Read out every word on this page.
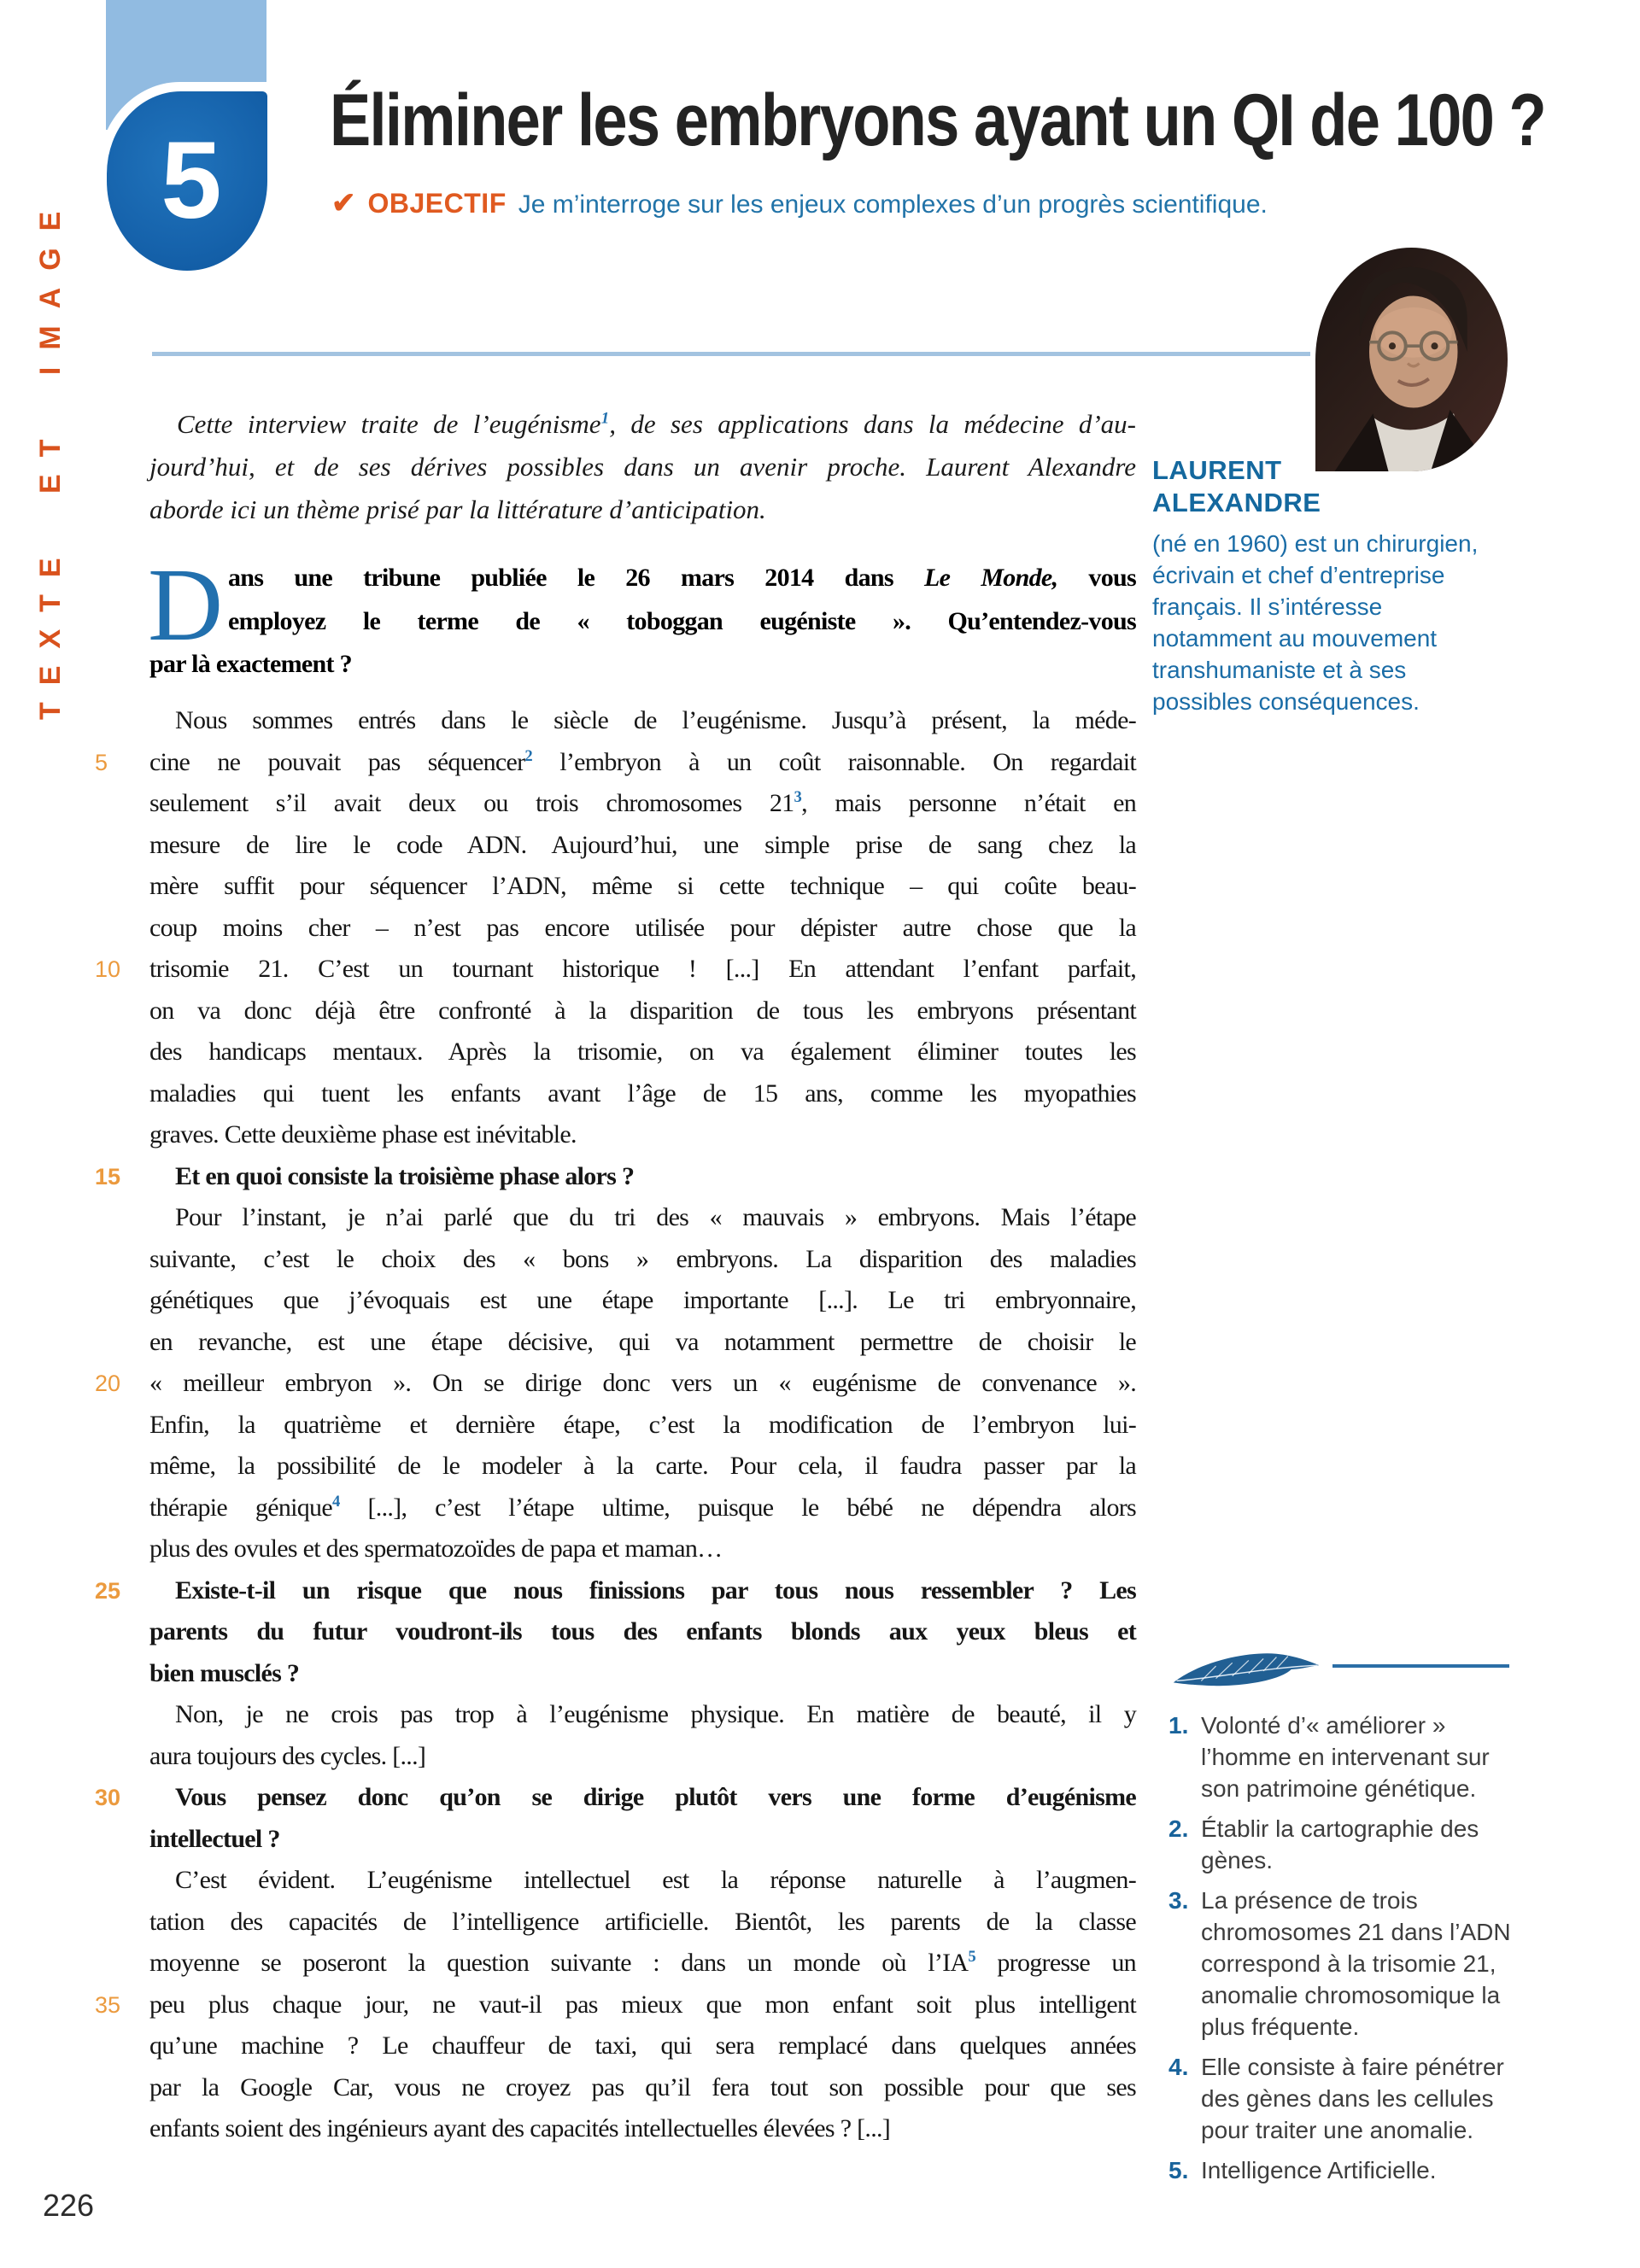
TEXTE ET IMAGE
5 Éliminer les embryons ayant un QI de 100 ?
✔ OBJECTIF Je m’interroge sur les enjeux complexes d’un progrès scientifique.
LAURENT
ALEXANDRE
(né en 1960) est un chirurgien,
écrivain et chef d’entreprise
français. Il s’intéresse
notamment au mouvement
transhumaniste et à ses
possibles conséquences.
Cette interview traite de l’eugénisme$^1$, de ses applications dans la médecine d’au-
jourd’hui, et de ses dérives possibles dans un avenir proche. Laurent Alexandre
aborde ici un thème prisé par la littérature d’anticipation.
D ans une tribune publiée le 26 mars 2014 dans Le Monde, vous
employez le terme de « toboggan eugéniste ». Qu’entendez-vous
par là exactement ?
Nous sommes entrés dans le siècle de l’eugénisme. Jusqu’à présent, la méde-
5	cine ne pouvait pas séquencer$^2$ l’embryon à un coût raisonnable. On regardait
seulement s’il avait deux ou trois chromosomes 21$^3$, mais personne n’était en
mesure de lire le code ADN. Aujourd’hui, une simple prise de sang chez la
mère suffit pour séquencer l’ADN, même si cette technique – qui coûte beau-
coup moins cher – n’est pas encore utilisée pour dépister autre chose que la
10	trisomie 21. C’est un tournant historique ! [...] En attendant l’enfant parfait,
on va donc déjà être confronté à la disparition de tous les embryons présentant
des handicaps mentaux. Après la trisomie, on va également éliminer toutes les
maladies qui tuent les enfants avant l’âge de 15 ans, comme les myopathies
graves. Cette deuxième phase est inévitable.
15	Et en quoi consiste la troisième phase alors ?
Pour l’instant, je n’ai parlé que du tri des « mauvais » embryons. Mais l’étape
suivante, c’est le choix des « bons » embryons. La disparition des maladies
génétiques que j’évoquais est une étape importante [...]. Le tri embryonnaire,
en revanche, est une étape décisive, qui va notamment permettre de choisir le
20	« meilleur embryon ». On se dirige donc vers un « eugénisme de convenance ».
Enfin, la quatrième et dernière étape, c’est la modification de l’embryon lui-
même, la possibilité de le modeler à la carte. Pour cela, il faudra passer par la
thérapie génique$^4$ [...], c’est l’étape ultime, puisque le bébé ne dépendra alors
plus des ovules et des spermatozoïdes de papa et maman…
25	Existe-t-il un risque que nous finissions par tous nous ressembler ? Les
parents du futur voudront-ils tous des enfants blonds aux yeux bleus et
bien musclés ?
Non, je ne crois pas trop à l’eugénisme physique. En matière de beauté, il y
aura toujours des cycles. [...]
30	Vous pensez donc qu’on se dirige plutôt vers une forme d’eugénisme
intellectuel ?
C’est évident. L’eugénisme intellectuel est la réponse naturelle à l’augmen-
tation des capacités de l’intelligence artificielle. Bientôt, les parents de la classe
moyenne se poseront la question suivante : dans un monde où l’IA$^5$ progresse un
35	peu plus chaque jour, ne vaut-il pas mieux que mon enfant soit plus intelligent
qu’une machine ? Le chauffeur de taxi, qui sera remplacé dans quelques années
par la Google Car, vous ne croyez pas qu’il fera tout son possible pour que ses
enfants soient des ingénieurs ayant des capacités intellectuelles élevées ? [...]
1. Volonté d’« améliorer »
l’homme en intervenant sur
son patrimoine génétique.
2. Établir la cartographie des
gènes.
3. La présence de trois
chromosomes 21 dans l’ADN
correspond à la trisomie 21,
anomalie chromosomique la
plus fréquente.
4. Elle consiste à faire pénétrer
des gènes dans les cellules
pour traiter une anomalie.
5. Intelligence Artificielle.
226
